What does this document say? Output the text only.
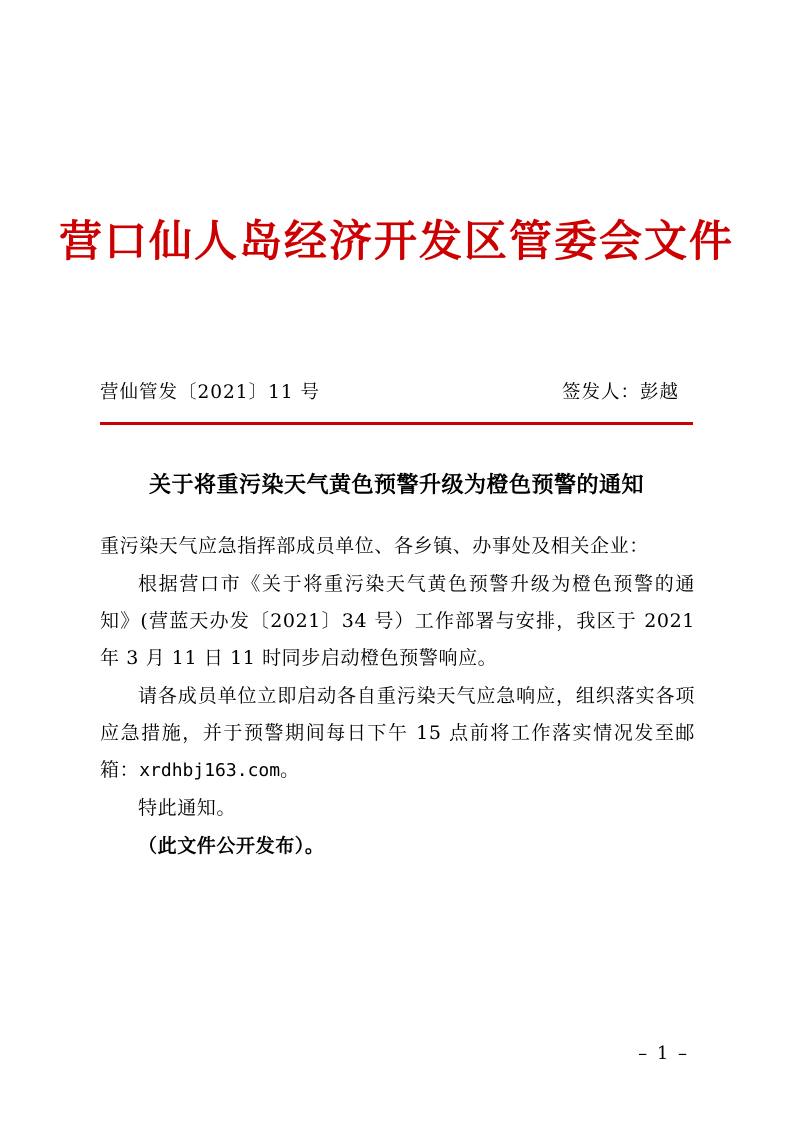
营口仙人岛经济开发区管委会文件
营仙管发〔2021〕11 号	签发人：彭越
关于将重污染天气黄色预警升级为橙色预警的通知

重污染天气应急指挥部成员单位、各乡镇、办事处及相关企业：

根据营口市《关于将重污染天气黄色预警升级为橙色预警的通知》(营蓝天办发〔2021〕34 号）工作部署与安排，我区于 2021 年 3 月 11 日 11 时同步启动橙色预警响应。

请各成员单位立即启动各自重污染天气应急响应，组织落实各项应急措施，并于预警期间每日下午 15 点前将工作落实情况发至邮箱：xrdhbj163.com。

特此通知。

（此文件公开发布）。

– 1 –
